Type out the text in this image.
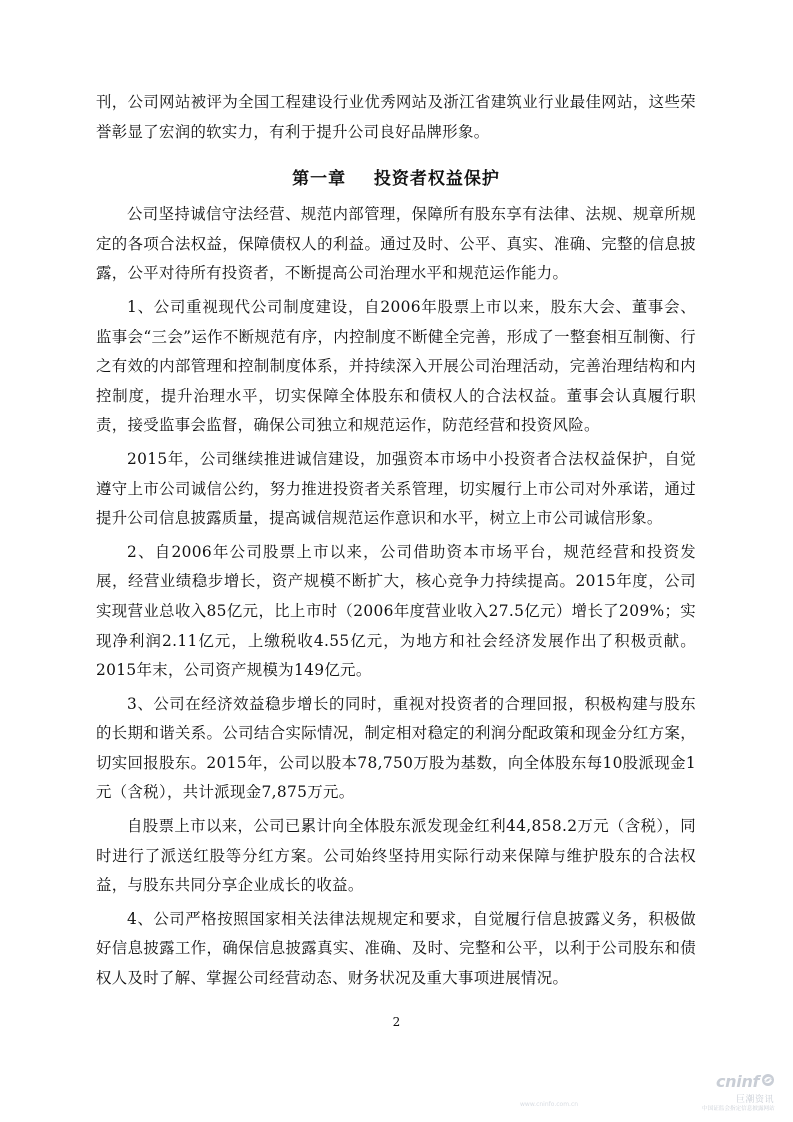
刊，公司网站被评为全国工程建设行业优秀网站及浙江省建筑业行业最佳网站，这些荣誉彰显了宏润的软实力，有利于提升公司良好品牌形象。

第一章    投资者权益保护

公司坚持诚信守法经营、规范内部管理，保障所有股东享有法律、法规、规章所规定的各项合法权益，保障债权人的利益。通过及时、公平、真实、准确、完整的信息披露，公平对待所有投资者，不断提高公司治理水平和规范运作能力。

1、公司重视现代公司制度建设，自2006年股票上市以来，股东大会、董事会、监事会“三会”运作不断规范有序，内控制度不断健全完善，形成了一整套相互制衡、行之有效的内部管理和控制制度体系，并持续深入开展公司治理活动，完善治理结构和内控制度，提升治理水平，切实保障全体股东和债权人的合法权益。董事会认真履行职责，接受监事会监督，确保公司独立和规范运作，防范经营和投资风险。

2015年，公司继续推进诚信建设，加强资本市场中小投资者合法权益保护，自觉遵守上市公司诚信公约，努力推进投资者关系管理，切实履行上市公司对外承诺，通过提升公司信息披露质量，提高诚信规范运作意识和水平，树立上市公司诚信形象。

2、自2006年公司股票上市以来，公司借助资本市场平台，规范经营和投资发展，经营业绩稳步增长，资产规模不断扩大，核心竞争力持续提高。2015年度，公司实现营业总收入85亿元，比上市时（2006年度营业收入27.5亿元）增长了209%；实现净利润2.11亿元，上缴税收4.55亿元，为地方和社会经济发展作出了积极贡献。2015年末，公司资产规模为149亿元。

3、公司在经济效益稳步增长的同时，重视对投资者的合理回报，积极构建与股东的长期和谐关系。公司结合实际情况，制定相对稳定的利润分配政策和现金分红方案，切实回报股东。2015年，公司以股本78,750万股为基数，向全体股东每10股派现金1元（含税），共计派现金7,875万元。

自股票上市以来，公司已累计向全体股东派发现金红利44,858.2万元（含税），同时进行了派送红股等分红方案。公司始终坚持用实际行动来保障与维护股东的合法权益，与股东共同分享企业成长的收益。

4、公司严格按照国家相关法律法规规定和要求，自觉履行信息披露义务，积极做好信息披露工作，确保信息披露真实、准确、及时、完整和公平，以利于公司股东和债权人及时了解、掌握公司经营动态、财务状况及重大事项进展情况。

2
cninf
巨潮资讯
中国证监会指定信息披露网站
www.cninfo.com.cn
